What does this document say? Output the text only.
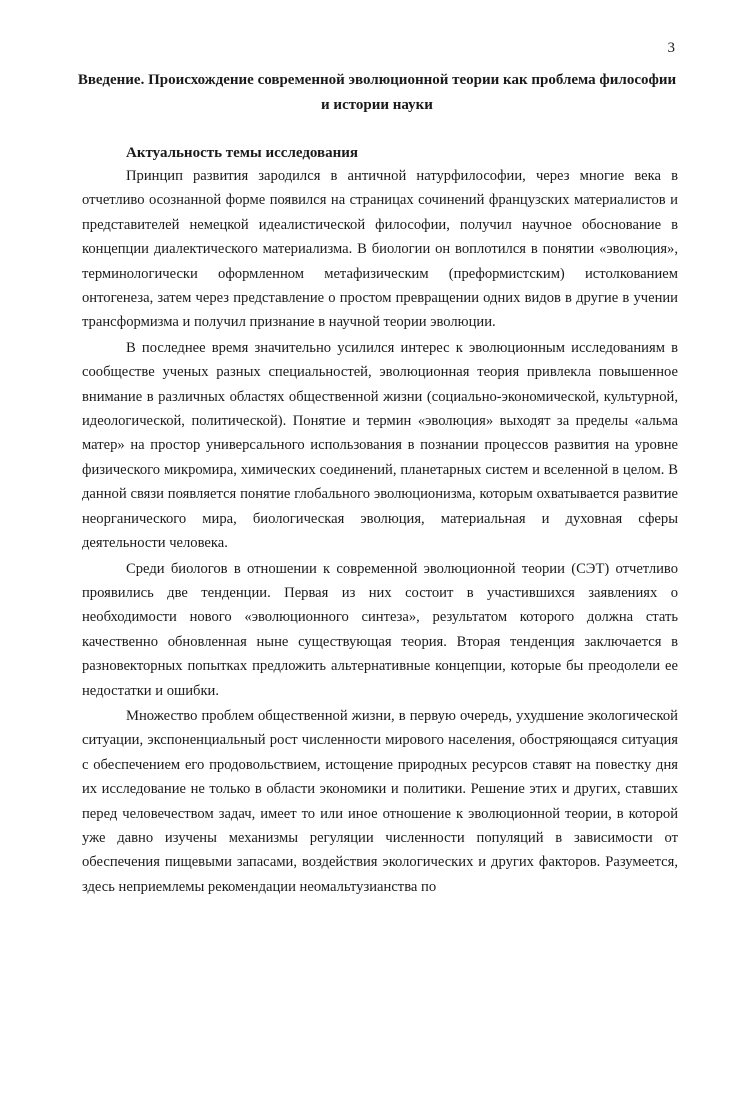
3
Введение. Происхождение современной эволюционной теории как проблема философии и истории науки

Актуальность темы исследования

Принцип развития зародился в античной натурфилософии, через многие века в отчетливо осознанной форме появился на страницах сочинений французских материалистов и представителей немецкой идеалистической философии, получил научное обоснование в концепции диалектического материализма. В биологии он воплотился в понятии «эволюция», терминологически оформленном метафизическим (преформистским) истолкованием онтогенеза, затем через представление о простом превращении одних видов в другие в учении трансформизма и получил признание в научной теории эволюции.

В последнее время значительно усилился интерес к эволюционным исследованиям в сообществе ученых разных специальностей, эволюционная теория привлекла повышенное внимание в различных областях общественной жизни (социально-экономической, культурной, идеологической, политической). Понятие и термин «эволюция» выходят за пределы «альма матер» на простор универсального использования в познании процессов развития на уровне физического микромира, химических соединений, планетарных систем и вселенной в целом. В данной связи появляется понятие глобального эволюционизма, которым охватывается развитие неорганического мира, биологическая эволюция, материальная и духовная сферы деятельности человека.

Среди биологов в отношении к современной эволюционной теории (СЭТ) отчетливо проявились две тенденции. Первая из них состоит в участившихся заявлениях о необходимости нового «эволюционного синтеза», результатом которого должна стать качественно обновленная ныне существующая теория. Вторая тенденция заключается в разновекторных попытках предложить альтернативные концепции, которые бы преодолели ее недостатки и ошибки.

Множество проблем общественной жизни, в первую очередь, ухудшение экологической ситуации, экспоненциальный рост численности мирового населения, обостряющаяся ситуация с обеспечением его продовольствием, истощение природных ресурсов ставят на повестку дня их исследование не только в области экономики и политики. Решение этих и других, ставших перед человечеством задач, имеет то или иное отношение к эволюционной теории, в которой уже давно изучены механизмы регуляции численности популяций в зависимости от обеспечения пищевыми запасами, воздействия экологических и других факторов. Разумеется, здесь неприемлемы рекомендации неомальтузианства по
